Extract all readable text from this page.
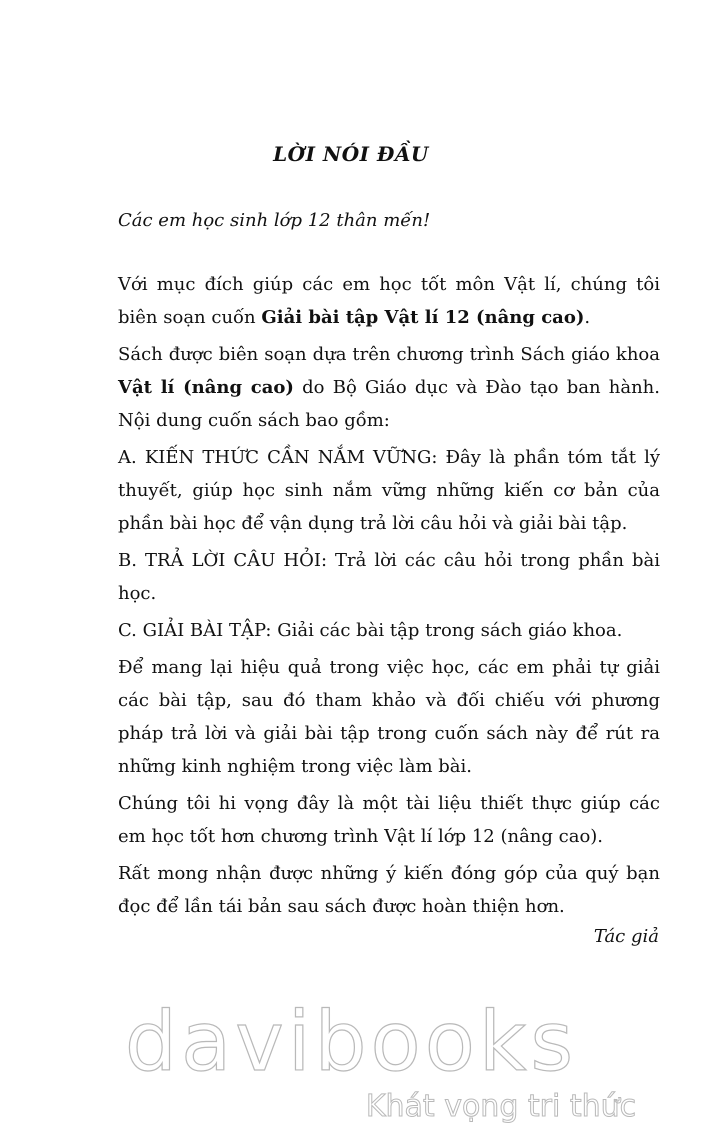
LỜI NÓI ĐẦU
Các em học sinh lớp 12 thân mến!

Với mục đích giúp các em học tốt môn Vật lí, chúng tôi biên soạn cuốn Giải bài tập Vật lí 12 (nâng cao).

Sách được biên soạn dựa trên chương trình Sách giáo khoa Vật lí (nâng cao) do Bộ Giáo dục và Đào tạo ban hành. Nội dung cuốn sách bao gồm:

A. KIẾN THỨC CẦN NẮM VỮNG: Đây là phần tóm tắt lý thuyết, giúp học sinh nắm vững những kiến cơ bản của phần bài học để vận dụng trả lời câu hỏi và giải bài tập.

B. TRẢ LỜI CÂU HỎI: Trả lời các câu hỏi trong phần bài học.

C. GIẢI BÀI TẬP: Giải các bài tập trong sách giáo khoa.

Để mang lại hiệu quả trong việc học, các em phải tự giải các bài tập, sau đó tham khảo và đối chiếu với phương pháp trả lời và giải bài tập trong cuốn sách này để rút ra những kinh nghiệm trong việc làm bài.

Chúng tôi hi vọng đây là một tài liệu thiết thực giúp các em học tốt hơn chương trình Vật lí lớp 12 (nâng cao).

Rất mong nhận được những ý kiến đóng góp của quý bạn đọc để lần tái bản sau sách được hoàn thiện hơn.

Tác giả
davibooks
Khát vọng tri thức
